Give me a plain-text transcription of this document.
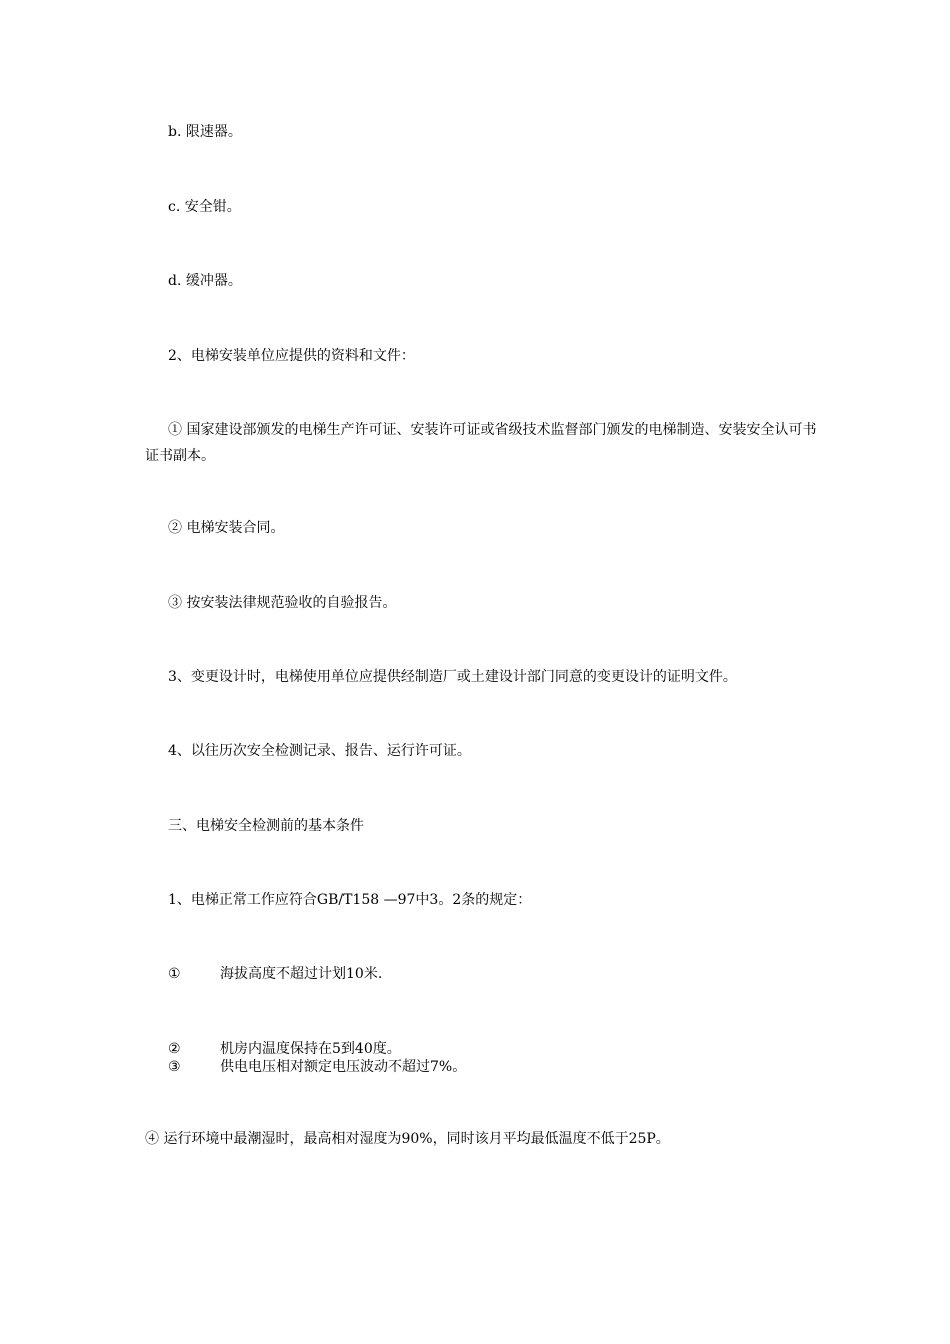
b. 限速器。
c. 安全钳。
d. 缓冲器。
2、电梯安装单位应提供的资料和文件：
① 国家建设部颁发的电梯生产许可证、安装许可证或省级技术监督部门颁发的电梯制造、安装安全认可书证书副本。
② 电梯安装合同。
③ 按安装法律规范验收的自验报告。
3、变更设计时，电梯使用单位应提供经制造厂或土建设计部门同意的变更设计的证明文件。
4、以往历次安全检测记录、报告、运行许可证。
三、电梯安全检测前的基本条件
1、电梯正常工作应符合GB/T158 —97中3。2条的规定：
①	海拔高度不超过计划10米.
②	机房内温度保持在5到40度。
③	供电电压相对额定电压波动不超过7%。
④ 运行环境中最潮湿时，最高相对湿度为90%，同时该月平均最低温度不低于25P。
